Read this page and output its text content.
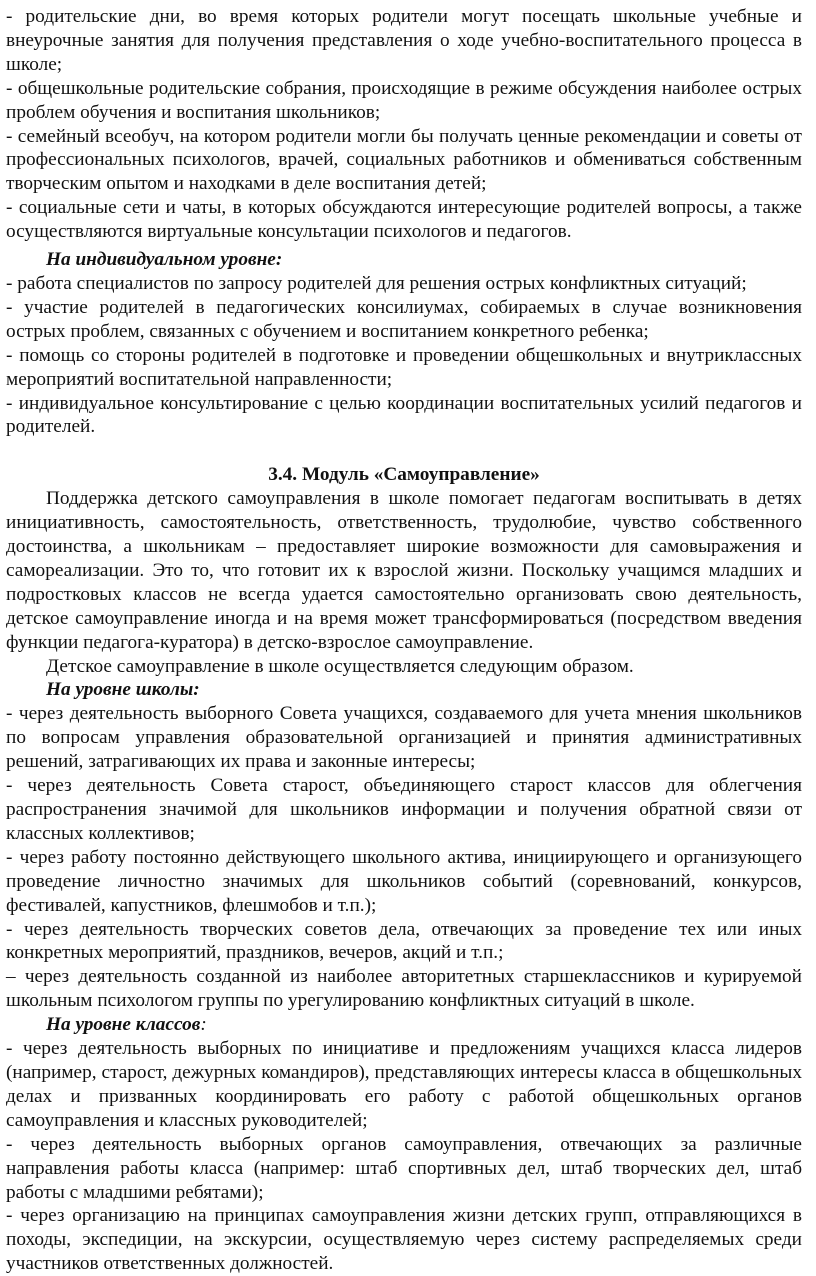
- родительские дни, во время которых родители могут посещать школьные учебные и внеурочные занятия для получения представления о ходе учебно-воспитательного процесса в школе;

- общешкольные родительские собрания, происходящие в режиме обсуждения наиболее острых проблем обучения и воспитания школьников;

- семейный всеобуч, на котором родители могли бы получать ценные рекомендации и советы от профессиональных психологов, врачей, социальных работников и обмениваться собственным творческим опытом и находками в деле воспитания детей;

- социальные сети и чаты, в которых обсуждаются интересующие родителей вопросы, а также осуществляются виртуальные консультации психологов и педагогов.

На индивидуальном уровне:

- работа специалистов по запросу родителей для решения острых конфликтных ситуаций;

- участие родителей в педагогических консилиумах, собираемых в случае возникновения острых проблем, связанных с обучением и воспитанием конкретного ребенка;

- помощь со стороны родителей в подготовке и проведении общешкольных и внутриклассных мероприятий воспитательной направленности;

- индивидуальное консультирование c целью координации воспитательных усилий педагогов и родителей.

3.4. Модуль «Самоуправление»

Поддержка детского самоуправления в школе помогает педагогам воспитывать в детях инициативность, самостоятельность, ответственность, трудолюбие, чувство собственного достоинства, а школьникам – предоставляет широкие возможности для самовыражения и самореализации. Это то, что готовит их к взрослой жизни. Поскольку учащимся младших и подростковых классов не всегда удается самостоятельно организовать свою деятельность, детское самоуправление иногда и на время может трансформироваться (посредством введения функции педагога-куратора) в детско-взрослое самоуправление.

Детское самоуправление в школе осуществляется следующим образом.

На уровне школы:

- через деятельность выборного Совета учащихся, создаваемого для учета мнения школьников по вопросам управления образовательной организацией и принятия административных решений, затрагивающих их права и законные интересы;

- через деятельность Совета старост, объединяющего старост классов для облегчения распространения значимой для школьников информации и получения обратной связи от классных коллективов;

- через работу постоянно действующего школьного актива, инициирующего и организующего проведение личностно значимых для школьников событий (соревнований, конкурсов, фестивалей, капустников, флешмобов и т.п.);

- через деятельность творческих советов дела, отвечающих за проведение тех или иных конкретных мероприятий, праздников, вечеров, акций и т.п.;

– через деятельность созданной из наиболее авторитетных старшеклассников и курируемой школьным психологом группы по урегулированию конфликтных ситуаций в школе.

На уровне классов:

- через деятельность выборных по инициативе и предложениям учащихся класса лидеров (например, старост, дежурных командиров), представляющих интересы класса в общешкольных делах и призванных координировать его работу с работой общешкольных органов самоуправления и классных руководителей;

- через деятельность выборных органов самоуправления, отвечающих за различные направления работы класса (например: штаб спортивных дел, штаб творческих дел, штаб работы с младшими ребятами);

- через организацию на принципах самоуправления жизни детских групп, отправляющихся в походы, экспедиции, на экскурсии, осуществляемую через систему распределяемых среди участников ответственных должностей.
